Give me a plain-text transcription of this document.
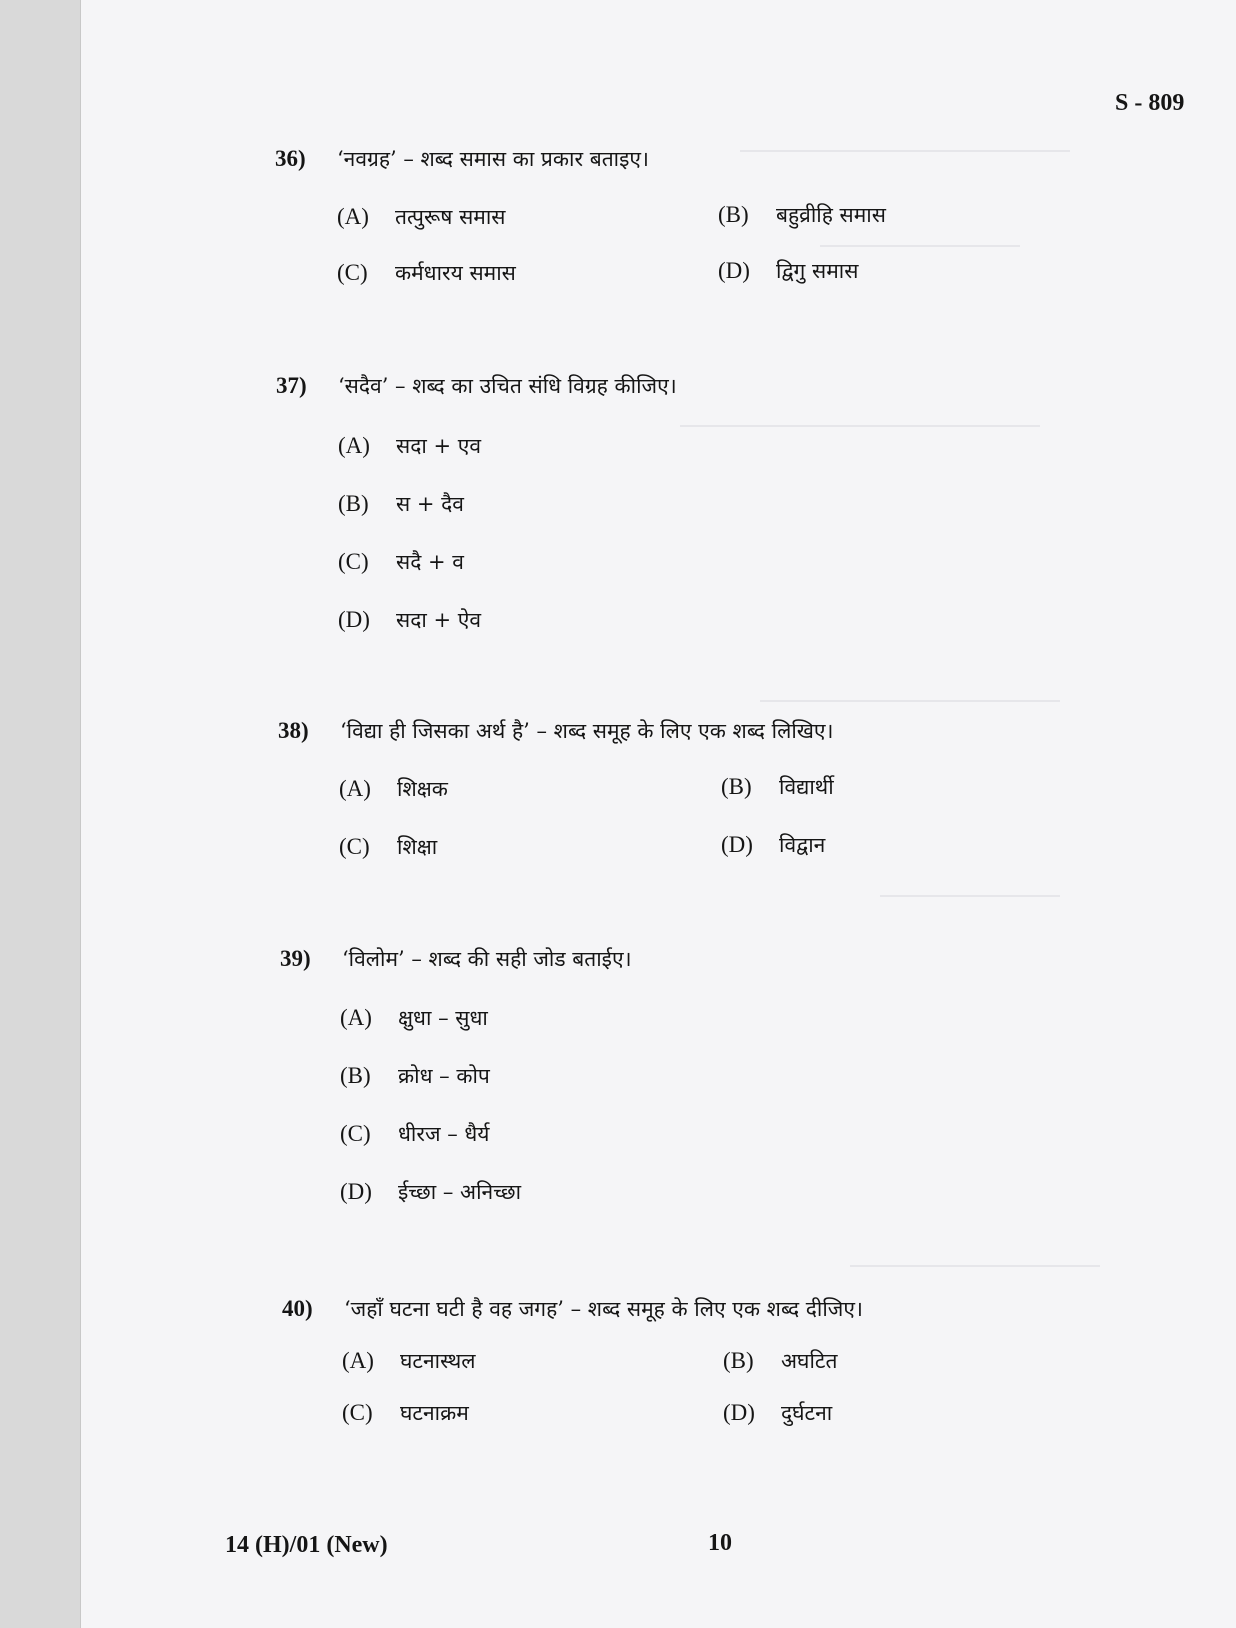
S - 809
36) ‘नवग्रह’ – शब्द समास का प्रकार बताइए।
(A) तत्पुरूष समास	(B) बहुव्रीहि समास
(C) कर्मधारय समास	(D) द्विगु समास
37) ‘सदैव’ – शब्द का उचित संधि विग्रह कीजिए।
(A) सदा + एव
(B) स + दैव
(C) सदै + व
(D) सदा + ऐव
38) ‘विद्या ही जिसका अर्थ है’ – शब्द समूह के लिए एक शब्द लिखिए।
(A) शिक्षक	(B) विद्यार्थी
(C) शिक्षा	(D) विद्वान
39) ‘विलोम’ – शब्द की सही जोड बताईए।
(A) क्षुधा – सुधा
(B) क्रोध – कोप
(C) धीरज – धैर्य
(D) ईच्छा – अनिच्छा
40) ‘जहाँ घटना घटी है वह जगह’ – शब्द समूह के लिए एक शब्द दीजिए।
(A) घटनास्थल	(B) अघटित
(C) घटनाक्रम	(D) दुर्घटना
14 (H)/01 (New)	10
